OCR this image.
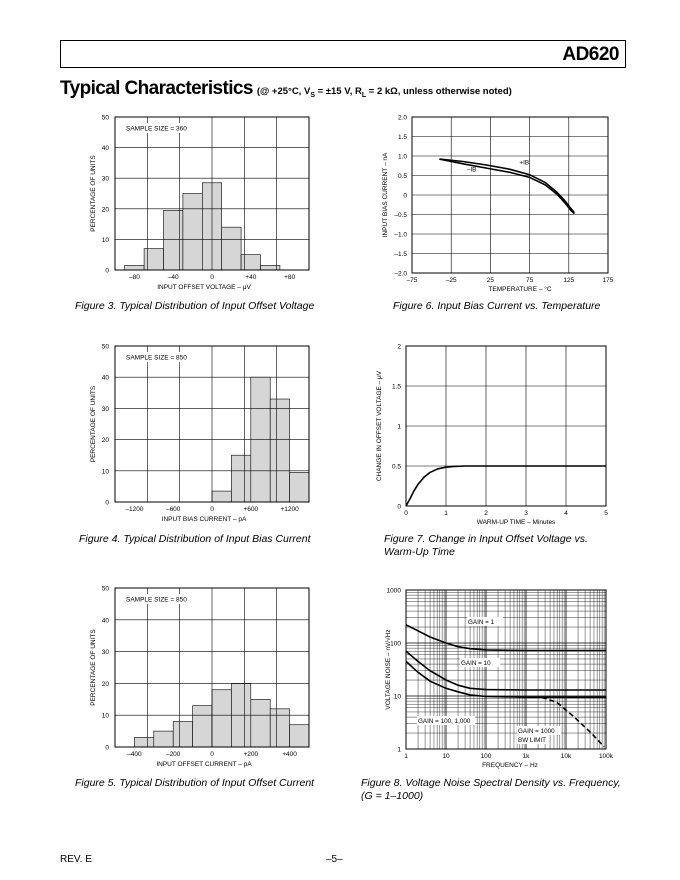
AD620
Typical Characteristics (@ +25°C, $V_S = \pm 15$ V, $R_L = 2$ kΩ, unless otherwise noted)
0
10
20
30
40
50
–80	–40	0	+40	+80
INPUT OFFSET VOLTAGE – μV
PERCENTAGE OF UNITS
SAMPLE SIZE = 360
0
10
20
30
40
50
–1200	–600	0	+600	+1200
INPUT BIAS CURRENT – pA
PERCENTAGE OF UNITS
SAMPLE SIZE = 850
0
10
20
30
40
50
–400	–200	0	+200	+400
INPUT OFFSET CURRENT – pA
PERCENTAGE OF UNITS
SAMPLE SIZE = 850
–75	–25	25	75	125	175
2.0
1.5
1.0
0.5
0
–0.5
–1.0
–1.5
–2.0
TEMPERATURE – °C
INPUT BIAS CURRENT – nA	+IB
–IB
0	1	2	3	4	5
0
0.5
1
1.5
2
WARM-UP TIME – Minutes
CHANGE IN OFFSET VOLTAGE – μV
1	10	100	1k	10k	100k
1
10
100
1000
FREQUENCY – Hz
VOLTAGE NOISE – nV/√Hz
GAIN = 1
GAIN = 10
GAIN = 100, 1,000
GAIN = 1000
BW LIMIT
Figure 3. Typical Distribution of Input Offset Voltage
Figure 4. Typical Distribution of Input Bias Current
Figure 5. Typical Distribution of Input Offset Current
Figure 6. Input Bias Current vs. Temperature
Figure 7. Change in Input Offset Voltage vs.
Warm-Up Time
Figure 8. Voltage Noise Spectral Density vs. Frequency,
(G = 1–1000)
REV. E	–5–
